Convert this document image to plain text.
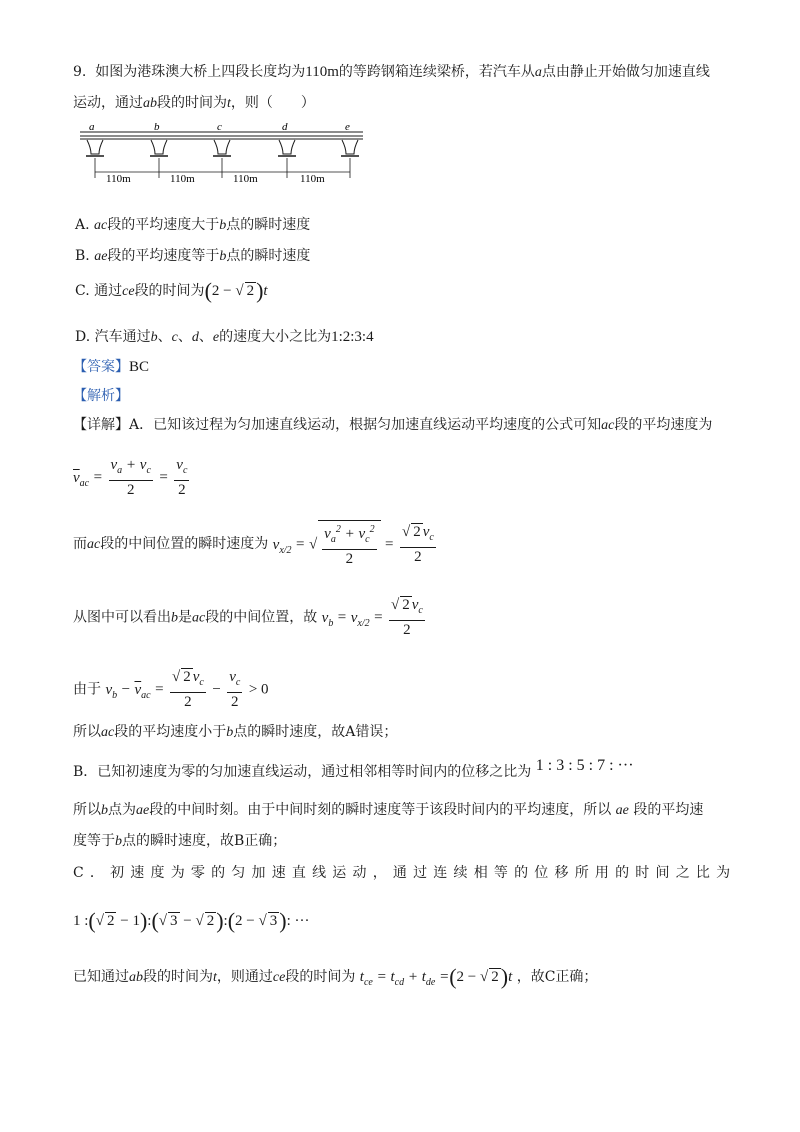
9. 如图为港珠澳大桥上四段长度均为110m的等跨钢箱连续梁桥，若汽车从a点由静止开始做匀加速直线
运动，通过ab段的时间为t，则（　　）
a	b	c	d	e
110m	110m	110m	110m
A. ac段的平均速度大于b点的瞬时速度
B. ae段的平均速度等于b点的瞬时速度
C. 通过ce段的时间为(2 − √ 2)t
D. 汽车通过b、c、d、e的速度大小之比为1:2:3:4
【答案】BC
【解析】
【详解】A．已知该过程为匀加速直线运动，根据匀加速直线运动平均速度的公式可知ac段的平均速度为
$\overline{v}_{ac} = \frac{v_a + v_c}{2} = \frac{v_c}{2}$
而ac段的中间位置的瞬时速度为 $v_{x/2}$ = √ $\frac{v_a^2 + v_c^2}{2} = \frac{√ 2 v_c}{2}$
从图中可以看出b是ac段的中间位置，故 $v_b = v_{x/2} = \frac{√ 2 v_c}{2}$
由于 $v_b - \overline{v}_{ac} = \frac{√ 2 v_c}{2} - \frac{v_c}{2} > 0$
所以ac段的平均速度小于b点的瞬时速度，故A错误；
B．已知初速度为零的匀加速直线运动，通过相邻相等时间内的位移之比为 1 : 3 : 5 : 7 : ···
所以b点为ae段的中间时刻。由于中间时刻的瞬时速度等于该段时间内的平均速度，所以 ae 段的平均速
度等于b点的瞬时速度，故B正确；
C．初速度为零的匀加速直线运动，通过连续相等的位移所用的时间之比为
1 :(√ 2 − 1):(√ 3 − √ 2):(2 − √ 3): ···
已知通过ab段的时间为t，则通过ce段的时间为 $t_{ce} = t_{cd} + t_{de} =(2$ − √ 2)t ，故C正确；
